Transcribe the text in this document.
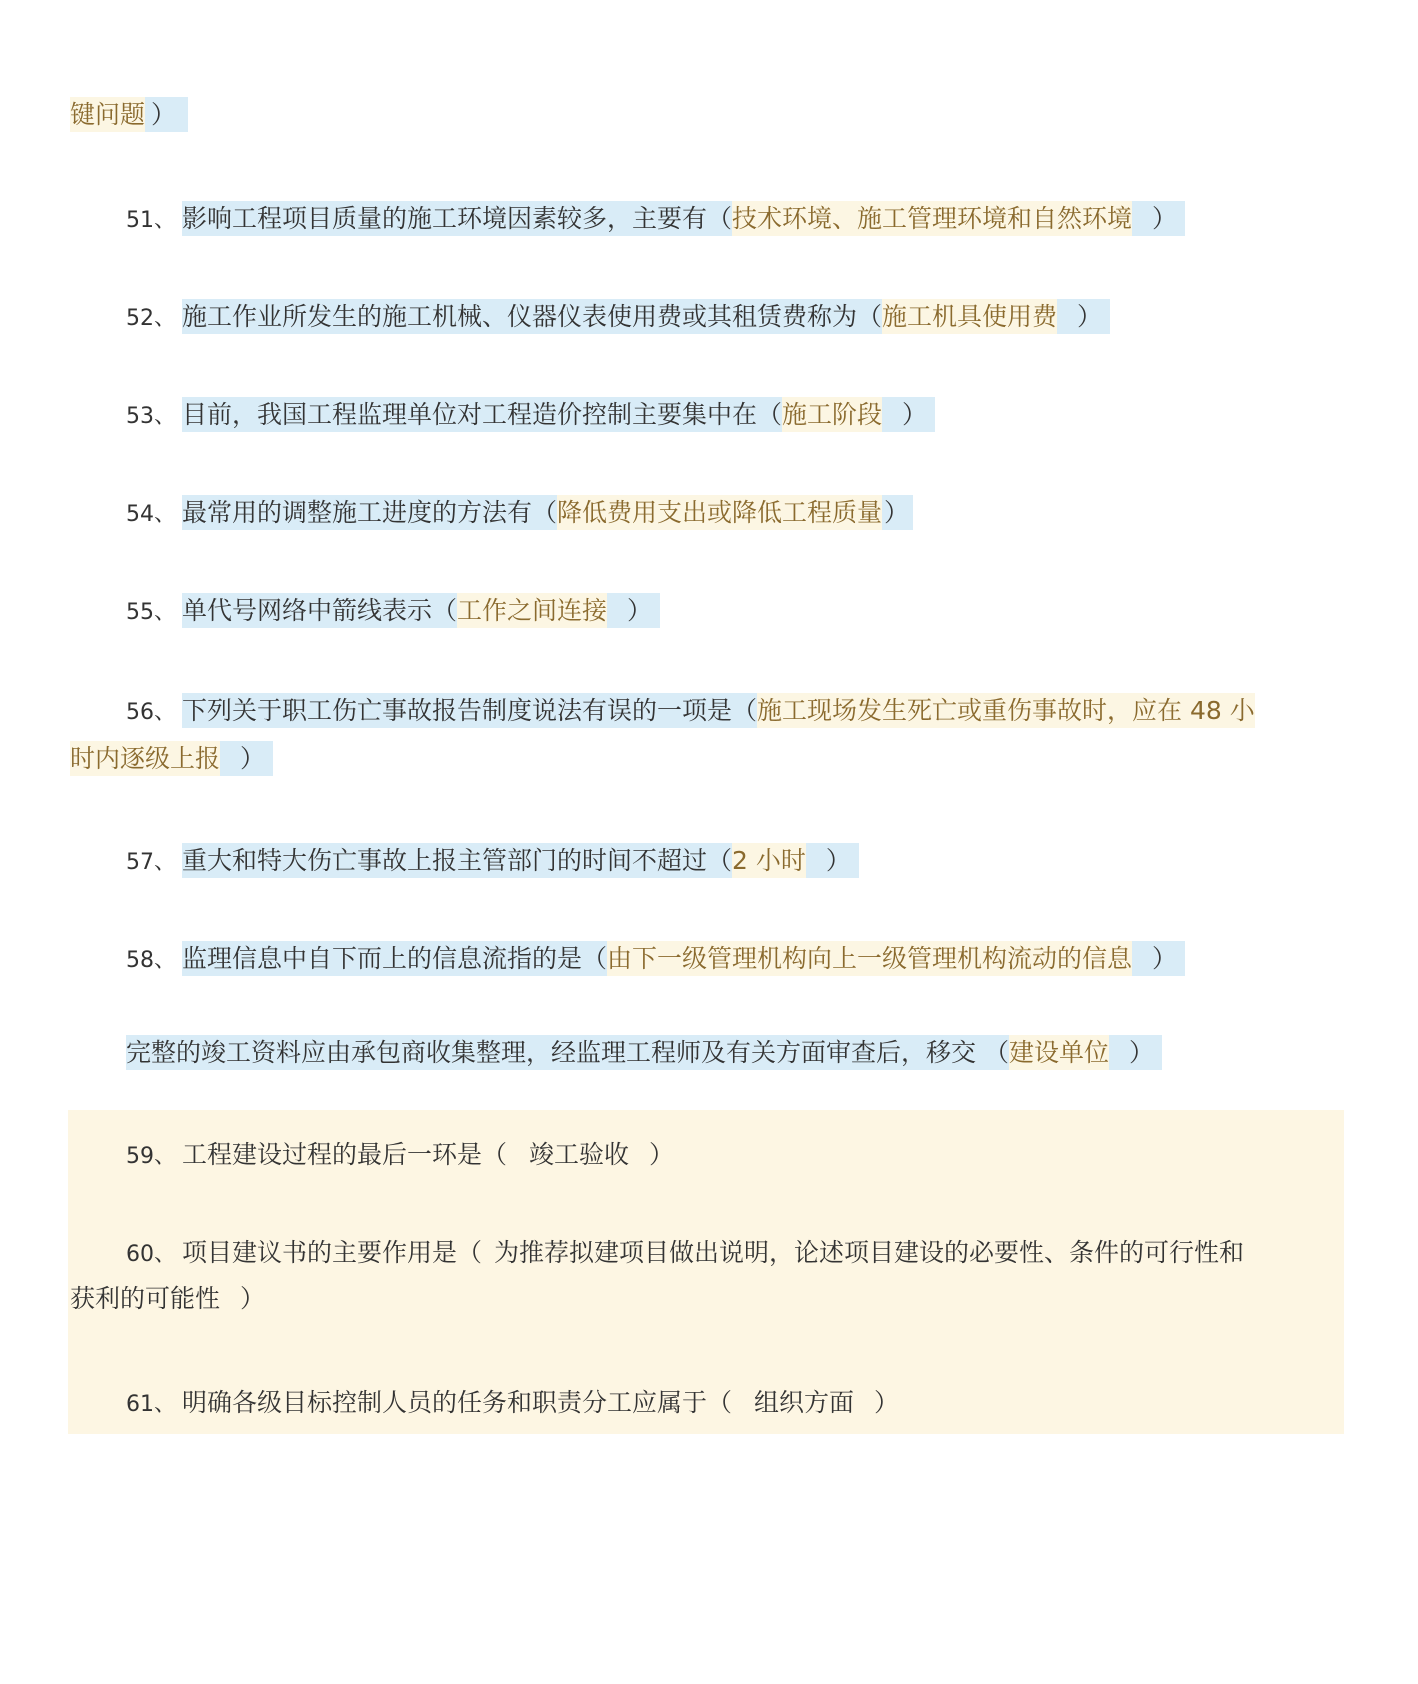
键问题 ）
51、 影响工程项目质量的施工环境因素较多，主要有（技术环境、施工管理环境和自然环境 ）
52、 施工作业所发生的施工机械、仪器仪表使用费或其租赁费称为（施工机具使用费 ）
53、 目前，我国工程监理单位对工程造价控制主要集中在（施工阶段 ）
54、 最常用的调整施工进度的方法有（降低费用支出或降低工程质量）
55、 单代号网络中箭线表示（工作之间连接 ）
56、 下列关于职工伤亡事故报告制度说法有误的一项是（施工现场发生死亡或重伤事故时，应在 48 小
时内逐级上报 ）
57、 重大和特大伤亡事故上报主管部门的时间不超过（2 小时 ）
58、 监理信息中自下而上的信息流指的是（由下一级管理机构向上一级管理机构流动的信息 ）
完整的竣工资料应由承包商收集整理，经监理工程师及有关方面审查后，移交 （建设单位 ）
59、 工程建设过程的最后一环是（ 竣工验收 ）
60、 项目建议书的主要作用是（ 为推荐拟建项目做出说明，论述项目建设的必要性、条件的可行性和
获利的可能性 ）
61、 明确各级目标控制人员的任务和职责分工应属于（ 组织方面 ）
